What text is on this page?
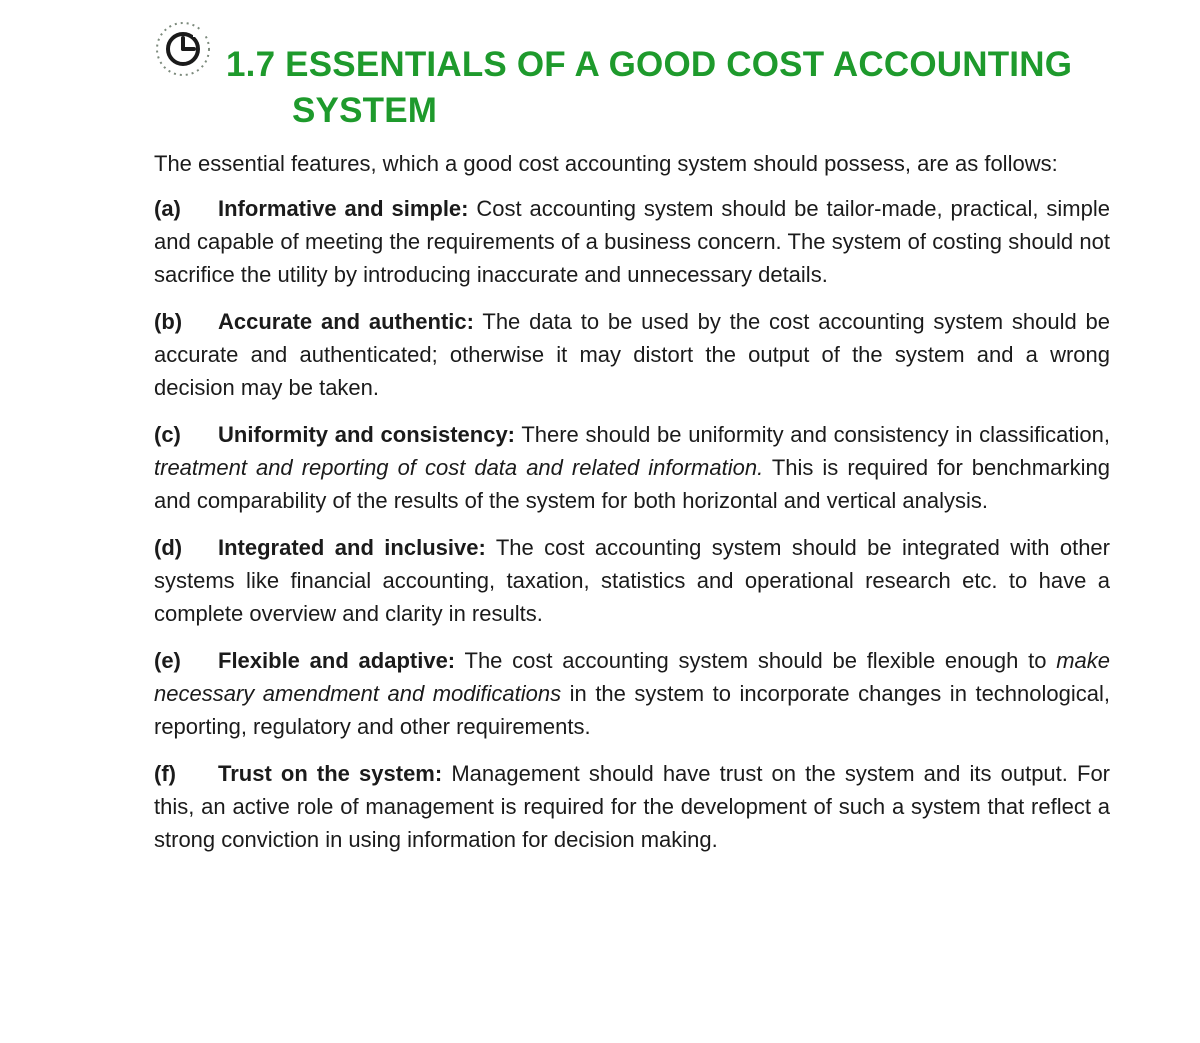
1.7 ESSENTIALS OF A GOOD COST ACCOUNTING
SYSTEM

The essential features, which a good cost accounting system should possess, are as follows:

(a) Informative and simple: Cost accounting system should be tailor-made, practical, simple and capable of meeting the requirements of a business concern. The system of costing should not sacrifice the utility by introducing inaccurate and unnecessary details.

(b) Accurate and authentic: The data to be used by the cost accounting system should be accurate and authenticated; otherwise it may distort the output of the system and a wrong decision may be taken.

(c) Uniformity and consistency: There should be uniformity and consistency in classification, treatment and reporting of cost data and related information. This is required for benchmarking and comparability of the results of the system for both horizontal and vertical analysis.

(d) Integrated and inclusive: The cost accounting system should be integrated with other systems like financial accounting, taxation, statistics and operational research etc. to have a complete overview and clarity in results.

(e) Flexible and adaptive: The cost accounting system should be flexible enough to make necessary amendment and modifications in the system to incorporate changes in technological, reporting, regulatory and other requirements.

(f) Trust on the system: Management should have trust on the system and its output. For this, an active role of management is required for the development of such a system that reflect a strong conviction in using information for decision making.
